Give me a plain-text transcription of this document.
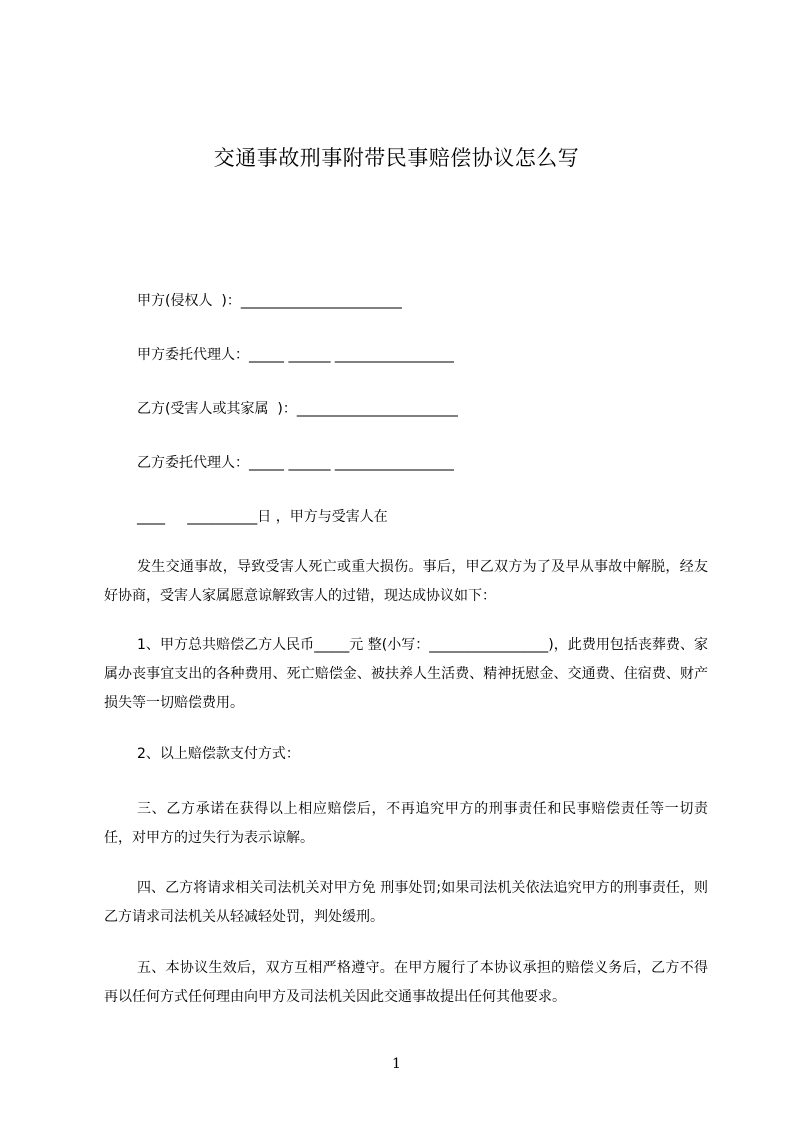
交通事故刑事附带民事赔偿协议怎么写
甲方(侵权人  )：_______________________
甲方委托代理人：_____ ______ _________________
乙方(受害人或其家属  )：_______________________
乙方委托代理人：_____ ______ _________________
____     __________日 ，甲方与受害人在
发生交通事故，导致受害人死亡或重大损伤。事后，甲乙双方为了及早从事故中解脱，经友好协商，受害人家属愿意谅解致害人的过错，现达成协议如下：
1、甲方总共赔偿乙方人民币_____元 整(小写：_________________)，此费用包括丧葬费、家属办丧事宜支出的各种费用、死亡赔偿金、被扶养人生活费、精神抚慰金、交通费、住宿费、财产损失等一切赔偿费用。
2、以上赔偿款支付方式：
三、乙方承诺在获得以上相应赔偿后，不再追究甲方的刑事责任和民事赔偿责任等一切责任，对甲方的过失行为表示谅解。
四、乙方将请求相关司法机关对甲方免 刑事处罚;如果司法机关依法追究甲方的刑事责任，则乙方请求司法机关从轻减轻处罚，判处缓刑。
五、本协议生效后，双方互相严格遵守。在甲方履行了本协议承担的赔偿义务后，乙方不得再以任何方式任何理由向甲方及司法机关因此交通事故提出任何其他要求。
1
